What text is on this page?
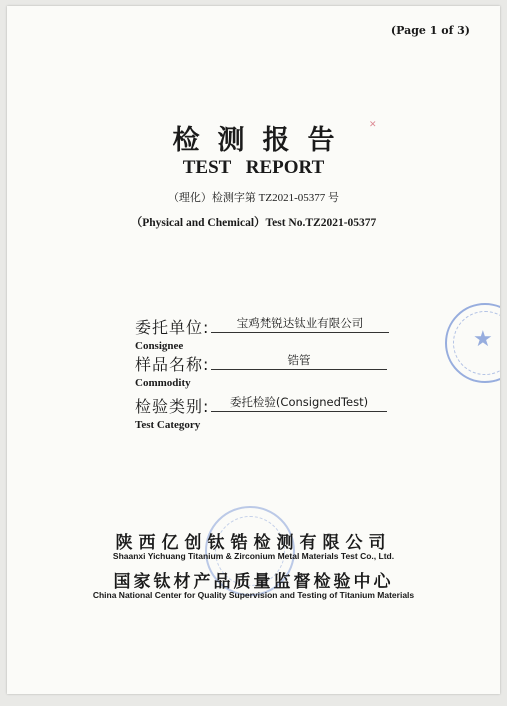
(Page 1 of 3)
✕
检测报告
TEST REPORT
（理化）检测字第 TZ2021-05377 号
（Physical and Chemical）Test No.TZ2021-05377
委托单位:
Consignee
宝鸡梵锐达钛业有限公司
样品名称:
Commodity
锆管
检验类别:
Test Category
委托检验(ConsignedTest)
★
陕西亿创钛锆检测有限公司
Shaanxi Yichuang Titanium & Zirconium Metal Materials Test Co., Ltd.
国家钛材产品质量监督检验中心
China National Center for Quality Supervision and Testing of Titanium Materials
